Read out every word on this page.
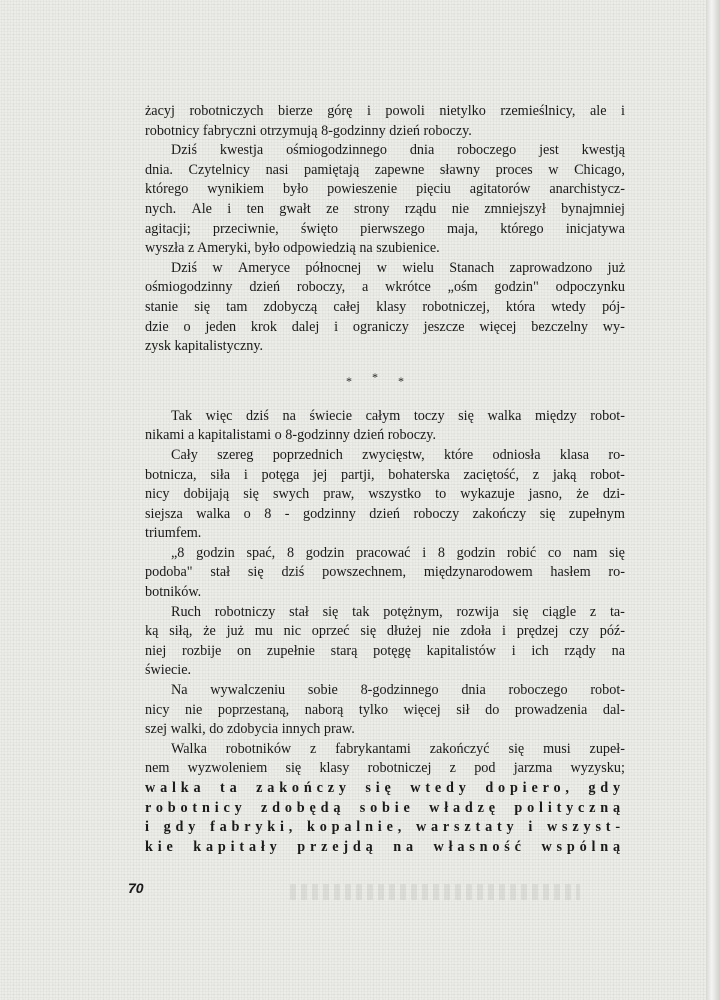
żacyj robotniczych bierze górę i powoli nietylko rzemieślnicy, ale i
robotnicy fabryczni otrzymują 8-godzinny dzień roboczy.
Dziś kwestja ośmiogodzinnego dnia roboczego jest kwestją
dnia. Czytelnicy nasi pamiętają zapewne sławny proces w Chicago,
którego wynikiem było powieszenie pięciu agitatorów anarchistycz-
nych. Ale i ten gwałt ze strony rządu nie zmniejszył bynajmniej
agitacji; przeciwnie, święto pierwszego maja, którego inicjatywa
wyszła z Ameryki, było odpowiedzią na szubienice.
Dziś w Ameryce północnej w wielu Stanach zaprowadzono już
ośmiogodzinny dzień roboczy, a wkrótce „ośm godzin" odpoczynku
stanie się tam zdobyczą całej klasy robotniczej, która wtedy pój-
dzie o jeden krok dalej i ograniczy jeszcze więcej bezczelny wy-
zysk kapitalistyczny.
* * *
Tak więc dziś na świecie całym toczy się walka między robot-
nikami a kapitalistami o 8-godzinny dzień roboczy.
Cały szereg poprzednich zwycięstw, które odniosła klasa ro-
botnicza, siła i potęga jej partji, bohaterska zaciętość, z jaką robot-
nicy dobijają się swych praw, wszystko to wykazuje jasno, że dzi-
siejsza walka o 8 - godzinny dzień roboczy zakończy się zupełnym
triumfem.
„8 godzin spać, 8 godzin pracować i 8 godzin robić co nam się
podoba" stał się dziś powszechnem, międzynarodowem hasłem ro-
botników.
Ruch robotniczy stał się tak potężnym, rozwija się ciągle z ta-
ką siłą, że już mu nic oprzeć się dłużej nie zdoła i prędzej czy póź-
niej rozbije on zupełnie starą potęgę kapitalistów i ich rządy na
świecie.
Na wywalczeniu sobie 8-godzinnego dnia roboczego robot-
nicy nie poprzestaną, naborą tylko więcej sił do prowadzenia dal-
szej walki, do zdobycia innych praw.
Walka robotników z fabrykantami zakończyć się musi zupeł-
nem wyzwoleniem się klasy robotniczej z pod jarzma wyzysku;
walka ta zakończy się wtedy dopiero, gdy
robotnicy zdobędą sobie władzę polityczną
i gdy fabryki, kopalnie, warsztaty i wszyst-
kie kapitały przejdą na własność wspólną
70
